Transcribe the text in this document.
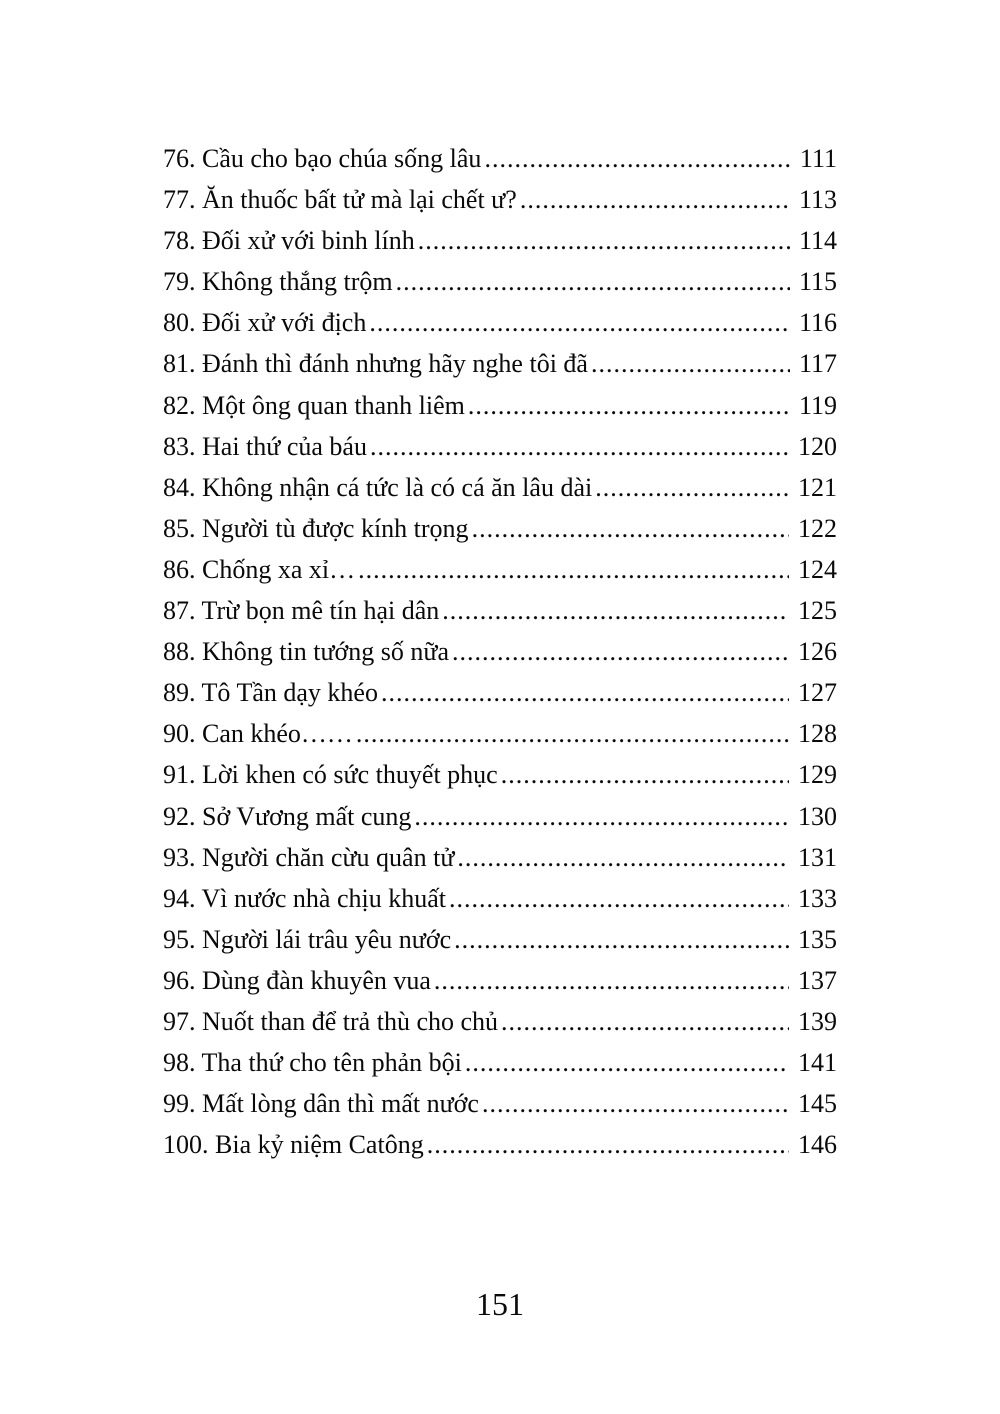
76. Cầu cho bạo chúa sống lâu .....	111
77. Ăn thuốc bất tử mà lại chết ư? .....	113
78. Đối xử với binh lính .....	114
79. Không thắng trộm .....	115
80. Đối xử với địch .....	116
81. Đánh thì đánh nhưng hãy nghe tôi đã .....	117
82. Một ông quan thanh liêm .....	119
83. Hai thứ của báu .....	120
84. Không nhận cá tức là có cá ăn lâu dài .....	121
85. Người tù được kính trọng .....	122
86. Chống xa xỉ… .....	124
87. Trừ bọn mê tín hại dân .....	125
88. Không tin tướng số nữa .....	126
89. Tô Tần dạy khéo .....	127
90. Can khéo…… .....	128
91. Lời khen có sức thuyết phục .....	129
92. Sở Vương mất cung .....	130
93. Người chăn cừu quân tử .....	131
94. Vì nước nhà chịu khuất .....	133
95. Người lái trâu yêu nước .....	135
96. Dùng đàn khuyên vua .....	137
97. Nuốt than để trả thù cho chủ .....	139
98. Tha thứ cho tên phản bội .....	141
99. Mất lòng dân thì mất nước .....	145
100. Bia kỷ niệm Catông .....	146
151
